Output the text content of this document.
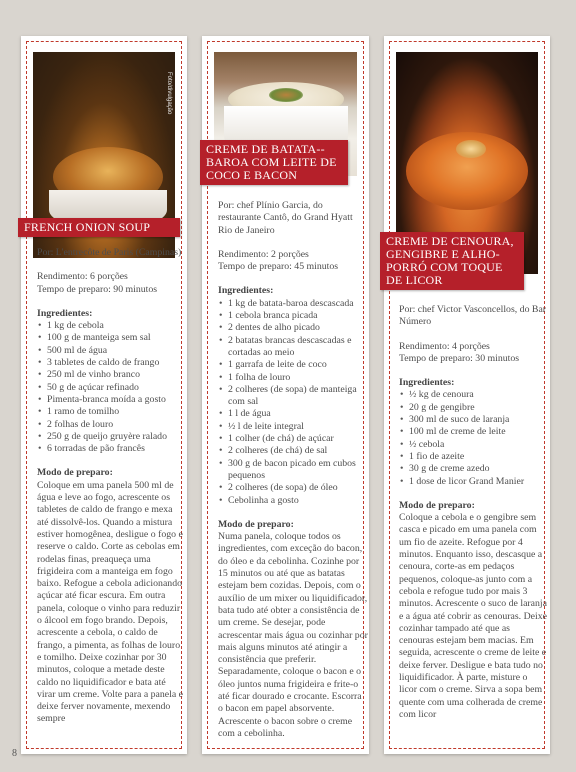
Foto/divulgação
FRENCH ONION SOUP

Por: L'entrecôte de Paris (Campinas)

Rendimento: 6 porções

Tempo de preparo: 90 minutos

Ingredientes:
• 1 kg de cebola
• 100 g de manteiga sem sal
• 500 ml de água
• 3 tabletes de caldo de frango
• 250 ml de vinho branco
• 50 g de açúcar refinado
• Pimenta-branca moída a gosto
• 1 ramo de tomilho
• 2 folhas de louro
• 250 g de queijo gruyère ralado
• 6 torradas de pão francês
Modo de preparo:

Coloque em uma panela 500 ml de água e leve ao fogo, acrescente os tabletes de caldo de frango e mexa até dissolvê-los. Quando a mistura estiver homogênea, desligue o fogo e reserve o caldo. Corte as cebolas em rodelas finas, preaqueça uma frigideira com a manteiga em fogo baixo. Refogue a cebola adicionando açúcar até ficar escura. Em outra panela, coloque o vinho para reduzir o álcool em fogo brando. Depois, acrescente a cebola, o caldo de frango, a pimenta, as folhas de louro e tomilho. Deixe cozinhar por 30 minutos, coloque a metade deste caldo no liquidificador e bata até virar um creme. Volte para a panela e deixe ferver novamente, mexendo sempre

CREME DE BATATA--BAROA COM LEITE DE COCO E BACON

Por: chef Plínio Garcia, do restaurante Cantô, do Grand Hyatt Rio de Janeiro

Rendimento: 2 porções

Tempo de preparo: 45 minutos

Ingredientes:
• 1 kg de batata-baroa descascada
• 1 cebola branca picada
• 2 dentes de alho picado
• 2 batatas brancas descascadas e cortadas ao meio
• 1 garrafa de leite de coco
• 1 folha de louro
• 2 colheres (de sopa) de manteiga com sal
• 1 l de água
• ½ l de leite integral
• 1 colher (de chá) de açúcar
• 2 colheres (de chá) de sal
• 300 g de bacon picado em cubos pequenos
• 2 colheres (de sopa) de óleo
• Cebolinha a gosto
Modo de preparo:

Numa panela, coloque todos os ingredientes, com exceção do bacon, do óleo e da cebolinha. Cozinhe por 15 minutos ou até que as batatas estejam bem cozidas. Depois, com o auxílio de um mixer ou liquidificador, bata tudo até obter a consistência de um creme. Se desejar, pode acrescentar mais água ou cozinhar por mais alguns minutos até atingir a consistência que preferir. Separadamente, coloque o bacon e o óleo juntos numa frigideira e frite-o até ficar dourado e crocante. Escorra o bacon em papel absorvente. Acrescente o bacon sobre o creme com a cebolinha.

CREME DE CENOURA, GENGIBRE E ALHO-PORRÓ COM TOQUE DE LICOR

Por: chef Victor Vasconcellos, do Bar Número

Rendimento: 4 porções

Tempo de preparo: 30 minutos

Ingredientes:
• ½ kg de cenoura
• 20 g de gengibre
• 300 ml de suco de laranja
• 100 ml de creme de leite
• ½ cebola
• 1 fio de azeite
• 30 g de creme azedo
• 1 dose de licor Grand Manier
Modo de preparo:

Coloque a cebola e o gengibre sem casca e picado em uma panela com um fio de azeite. Refogue por 4 minutos. Enquanto isso, descasque a cenoura, corte-as em pedaços pequenos, coloque-as junto com a cebola e refogue tudo por mais 3 minutos. Acrescente o suco de laranja e a água até cobrir as cenouras. Deixe cozinhar tampado até que as cenouras estejam bem macias. Em seguida, acrescente o creme de leite e deixe ferver. Desligue e bata tudo no liquidificador. À parte, misture o licor com o creme. Sirva a sopa bem quente com uma colherada de creme com licor

8
